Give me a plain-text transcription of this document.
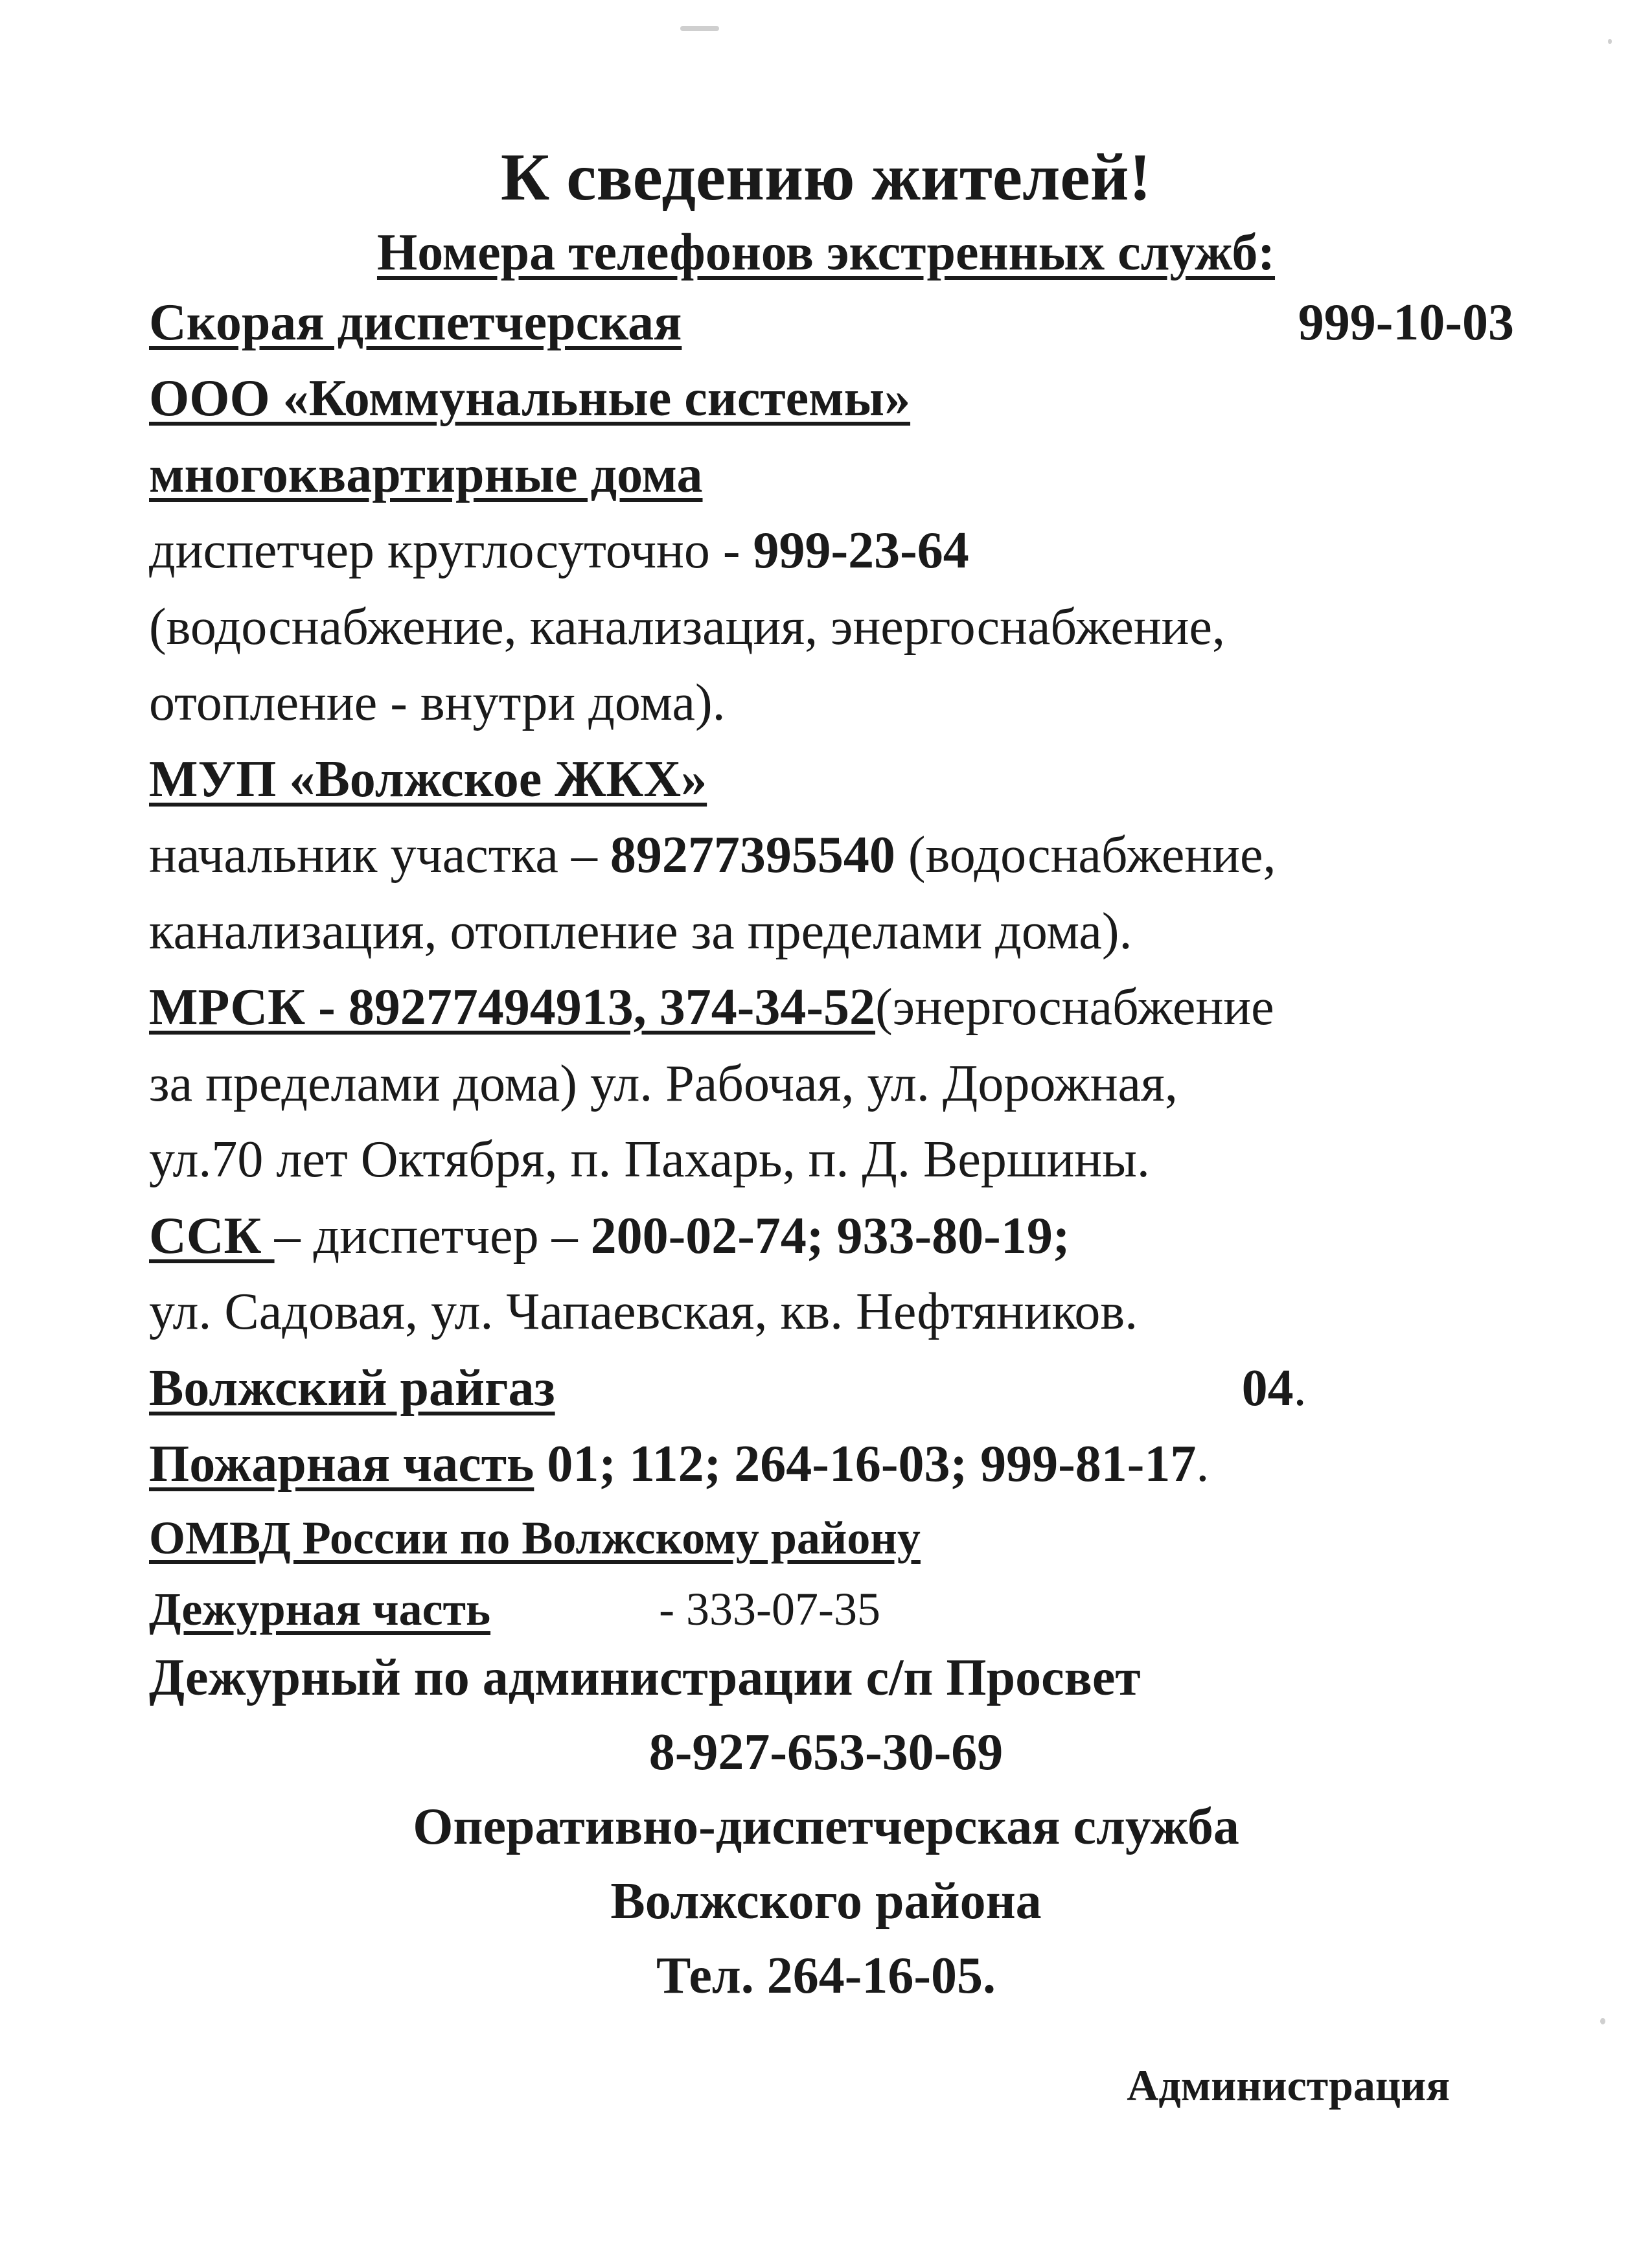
К сведению жителей!
Номера телефонов экстренных служб:
Скорая диспетчерская	999-10-03
ООО «Коммунальные системы»
многоквартирные дома
диспетчер круглосуточно - 999-23-64
(водоснабжение, канализация, энергоснабжение,
отопление - внутри дома).
МУП «Волжское ЖКХ»
начальник участка – 89277395540 (водоснабжение,
канализация, отопление за пределами дома).
МРСК - 89277494913, 374-34-52(энергоснабжение
за пределами дома) ул. Рабочая, ул. Дорожная,
ул.70 лет Октября, п. Пахарь, п. Д. Вершины.
ССК – диспетчер – 200-02-74; 933-80-19;
ул. Садовая, ул. Чапаевская, кв. Нефтяников.
Волжский райгаз	04.
Пожарная часть 01; 112; 264-16-03; 999-81-17.
ОМВД России по Волжскому району
Дежурная часть	- 333-07-35
Дежурный по администрации с/п Просвет
8-927-653-30-69
Оперативно-диспетчерская служба
Волжского района
Тел. 264-16-05.
Администрация
